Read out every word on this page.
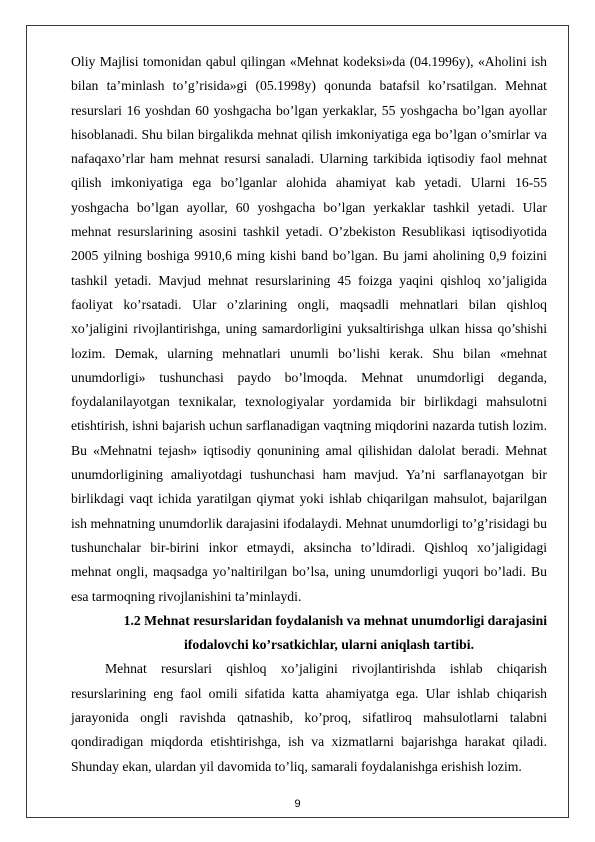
Oliy Majlisi tomonidan qabul qilingan «Mehnat kodeksi»da (04.1996y), «Aholini ish bilan ta’minlash to’g’risida»gi (05.1998y) qonunda batafsil ko’rsatilgan. Mehnat resurslari 16 yoshdan 60 yoshgacha bo’lgan yerkaklar, 55 yoshgacha bo’lgan ayollar hisoblanadi. Shu bilan birgalikda mehnat qilish imkoniyatiga ega bo’lgan o’smirlar va nafaqaxo’rlar ham mehnat resursi sanaladi. Ularning tarkibida iqtisodiy faol mehnat qilish imkoniyatiga ega bo’lganlar alohida ahamiyat kab yetadi. Ularni 16-55 yoshgacha bo’lgan ayollar, 60 yoshgacha bo’lgan yerkaklar tashkil yetadi. Ular mehnat resurslarining asosini tashkil yetadi. O’zbekiston Resublikasi iqtisodiyotida 2005 yilning boshiga 9910,6 ming kishi band bo’lgan. Bu jami aholining 0,9 foizini tashkil yetadi. Mavjud mehnat resurslarining 45 foizga yaqini qishloq xo’jaligida faoliyat ko’rsatadi. Ular o’zlarining ongli, maqsadli mehnatlari bilan qishloq xo’jaligini rivojlantirishga, uning samardorligini yuksaltirishga ulkan hissa qo’shishi lozim. Demak, ularning mehnatlari unumli bo’lishi kerak. Shu bilan «mehnat unumdorligi» tushunchasi paydo bo’lmoqda. Mehnat unumdorligi deganda, foydalanilayotgan texnikalar, texnologiyalar yordamida bir birlikdagi mahsulotni etishtirish, ishni bajarish uchun sarflanadigan vaqtning miqdorini nazarda tutish lozim. Bu «Mehnatni tejash» iqtisodiy qonunining amal qilishidan dalolat beradi. Mehnat unumdorligining amaliyotdagi tushunchasi ham mavjud. Ya’ni sarflanayotgan bir birlikdagi vaqt ichida yaratilgan qiymat yoki ishlab chiqarilgan mahsulot, bajarilgan ish mehnatning unumdorlik darajasini ifodalaydi. Mehnat unumdorligi to’g’risidagi bu tushunchalar bir-birini inkor etmaydi, aksincha to’ldiradi. Qishloq xo’jaligidagi mehnat ongli, maqsadga yo’naltirilgan bo’lsa, uning unumdorligi yuqori bo’ladi. Bu esa tarmoqning rivojlanishini ta’minlaydi.

1.2 Mehnat resurslaridan foydalanish va mehnat unumdorligi darajasini ifodalovchi ko’rsatkichlar, ularni aniqlash tartibi.

Mehnat resurslari qishloq xo’jaligini rivojlantirishda ishlab chiqarish resurslarining eng faol omili sifatida katta ahamiyatga ega. Ular ishlab chiqarish jarayonida ongli ravishda qatnashib, ko’proq, sifatliroq mahsulotlarni talabni qondiradigan miqdorda etishtirishga, ish va xizmatlarni bajarishga harakat qiladi. Shunday ekan, ulardan yil davomida to’liq, samarali foydalanishga erishish lozim.

9
